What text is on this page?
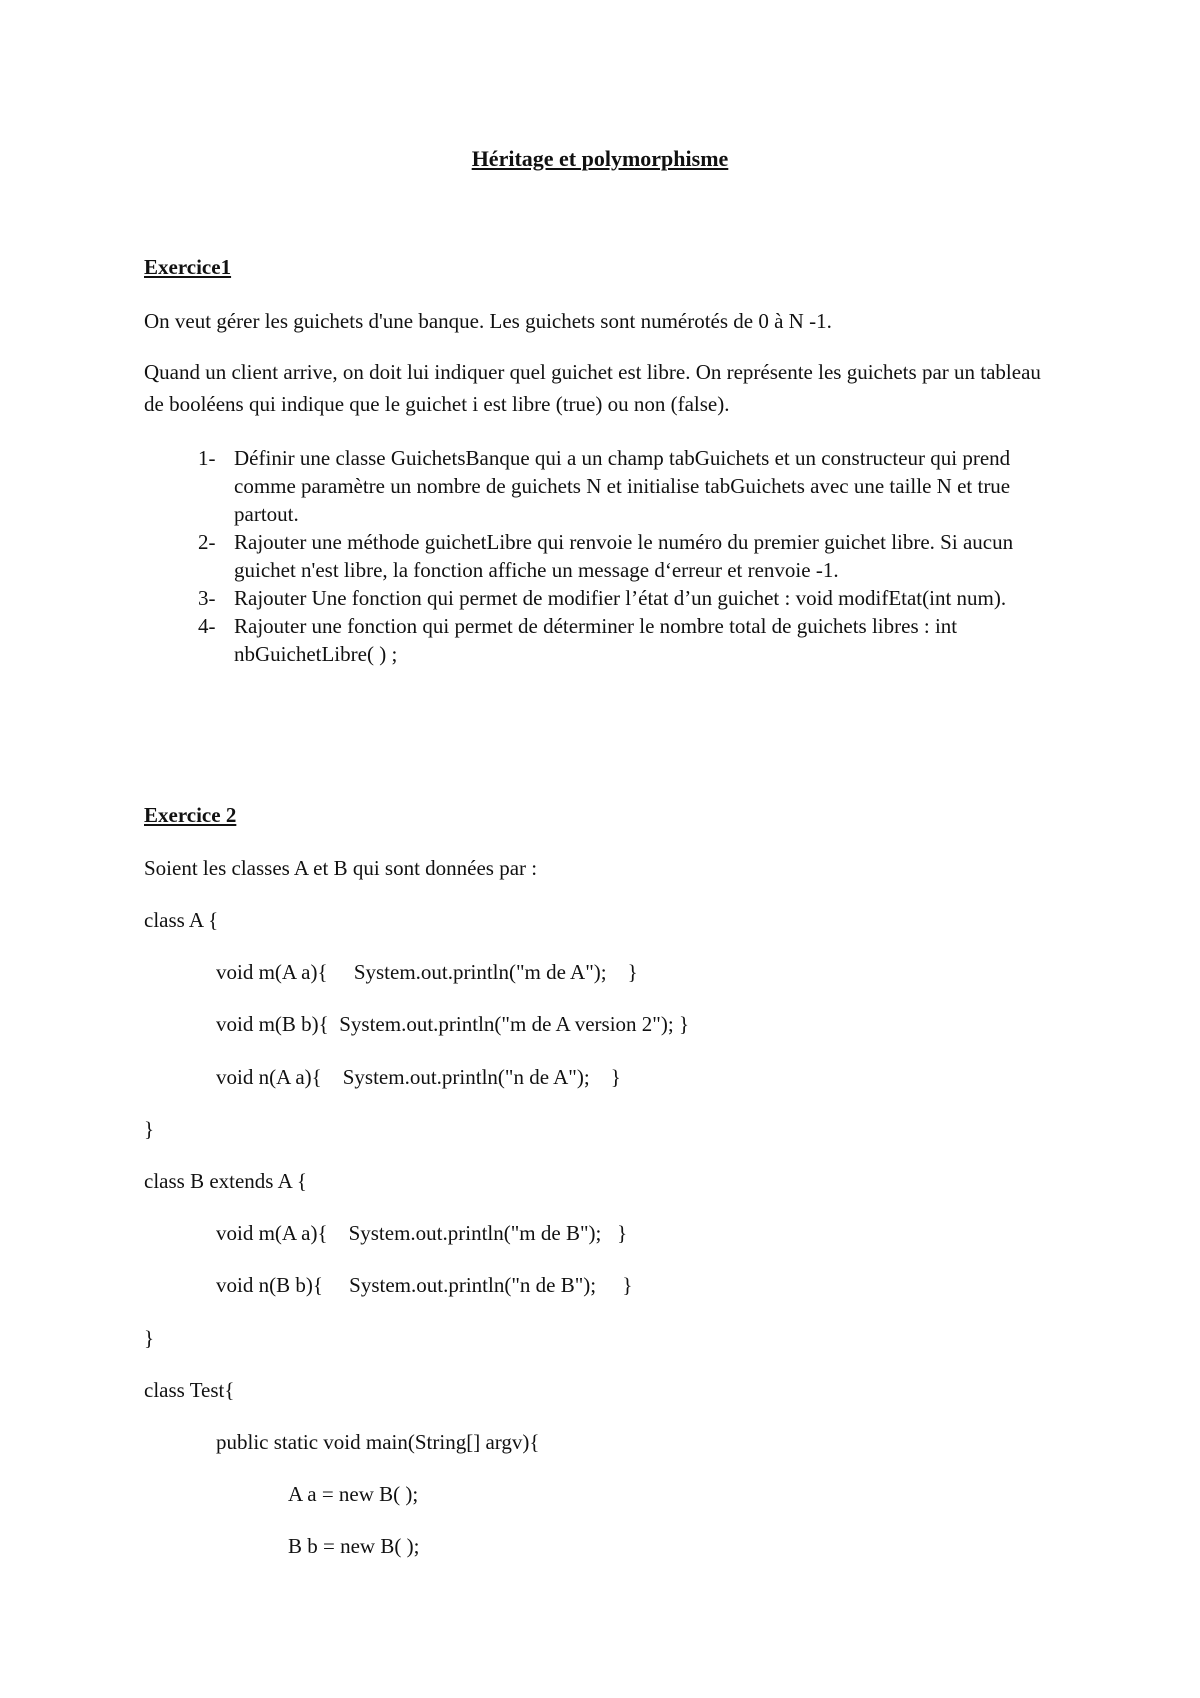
Héritage et polymorphisme
Exercice1
On veut gérer les guichets d'une banque. Les guichets sont numérotés de 0 à N -1.
Quand un client arrive, on doit lui indiquer quel guichet est libre. On représente les guichets par un tableau de booléens qui indique que le guichet i est libre (true) ou non (false).
1- Définir une classe GuichetsBanque qui a un champ tabGuichets et un constructeur qui prend comme paramètre un nombre de guichets N et initialise tabGuichets avec une taille N et true partout.
2- Rajouter une méthode guichetLibre qui renvoie le numéro du premier guichet libre. Si aucun guichet n'est libre, la fonction affiche un message d‘erreur et renvoie -1.
3- Rajouter Une fonction qui permet de modifier l’état d’un guichet : void modifEtat(int num).
4- Rajouter une fonction qui permet de déterminer le nombre total de guichets libres : int nbGuichetLibre( ) ;
Exercice 2
Soient les classes A et B qui sont données par :
class A {
void m(A a){     System.out.println("m de A");    }
void m(B b){  System.out.println("m de A version 2"); }
void n(A a){    System.out.println("n de A");    }
}
class B extends A {
void m(A a){    System.out.println("m de B");   }
void n(B b){     System.out.println("n de B");     }
}
class Test{
public static void main(String[] argv){
A a = new B( );
B b = new B( );
